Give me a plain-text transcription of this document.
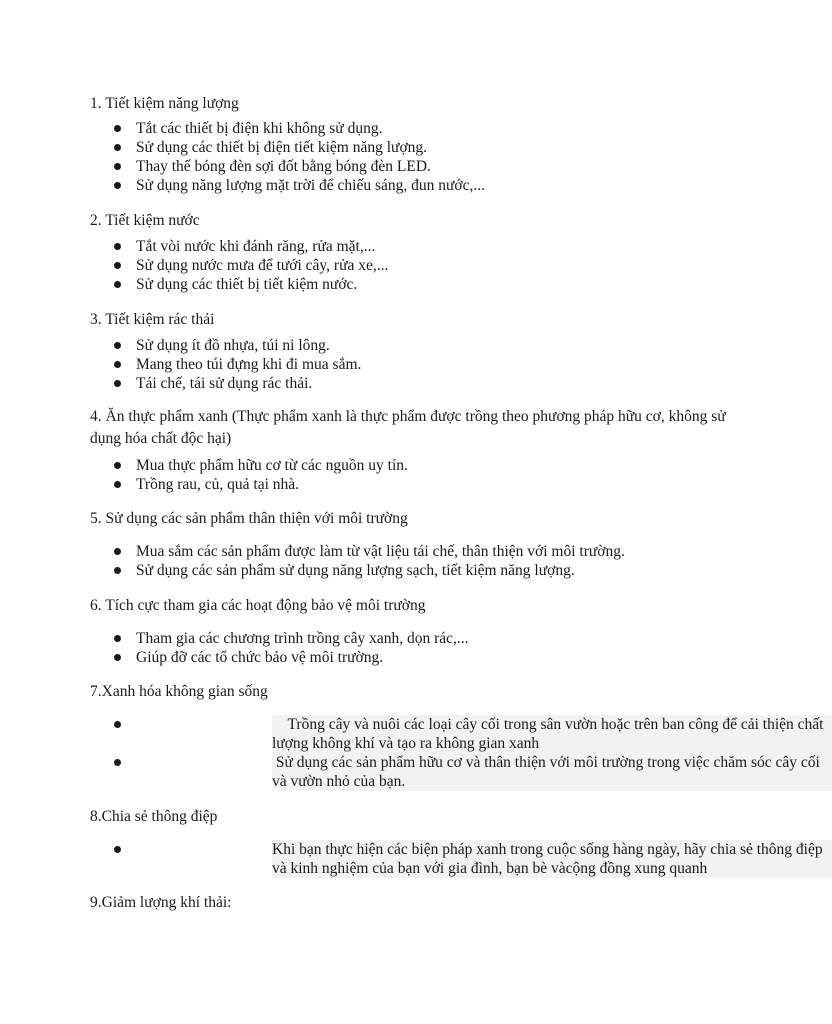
1. Tiết kiệm năng lượng
Tắt các thiết bị điện khi không sử dụng.
Sử dụng các thiết bị điện tiết kiệm năng lượng.
Thay thế bóng đèn sợi đốt bằng bóng đèn LED.
Sử dụng năng lượng mặt trời để chiếu sáng, đun nước,...
2. Tiết kiệm nước
Tắt vòi nước khi đánh răng, rửa mặt,...
Sử dụng nước mưa để tưới cây, rửa xe,...
Sử dụng các thiết bị tiết kiệm nước.
3. Tiết kiệm rác thải
Sử dụng ít đồ nhựa, túi ni lông.
Mang theo túi đựng khi đi mua sắm.
Tái chế, tái sử dụng rác thải.
4. Ăn thực phẩm xanh (Thực phẩm xanh là thực phẩm được trồng theo phương pháp hữu cơ, không sử dụng hóa chất độc hại)
Mua thực phẩm hữu cơ từ các nguồn uy tín.
Trồng rau, củ, quả tại nhà.
5. Sử dụng các sản phẩm thân thiện với môi trường
Mua sắm các sản phẩm được làm từ vật liệu tái chế, thân thiện với môi trường.
Sử dụng các sản phẩm sử dụng năng lượng sạch, tiết kiệm năng lượng.
6. Tích cực tham gia các hoạt động bảo vệ môi trường
Tham gia các chương trình trồng cây xanh, dọn rác,...
Giúp đỡ các tổ chức bảo vệ môi trường.
7.Xanh hóa không gian sống
Trồng cây và nuôi các loại cây cối trong sân vườn hoặc trên ban công để cải thiện chất lượng không khí và tạo ra không gian xanh
Sử dụng các sản phẩm hữu cơ và thân thiện với môi trường trong việc chăm sóc cây cối và vườn nhỏ của bạn.
8.Chia sẻ thông điệp
Khi bạn thực hiện các biện pháp xanh trong cuộc sống hàng ngày, hãy chia sẻ thông điệp và kinh nghiệm của bạn với gia đình, bạn bè vàcộng đồng xung quanh
9.Giảm lượng khí thải:
